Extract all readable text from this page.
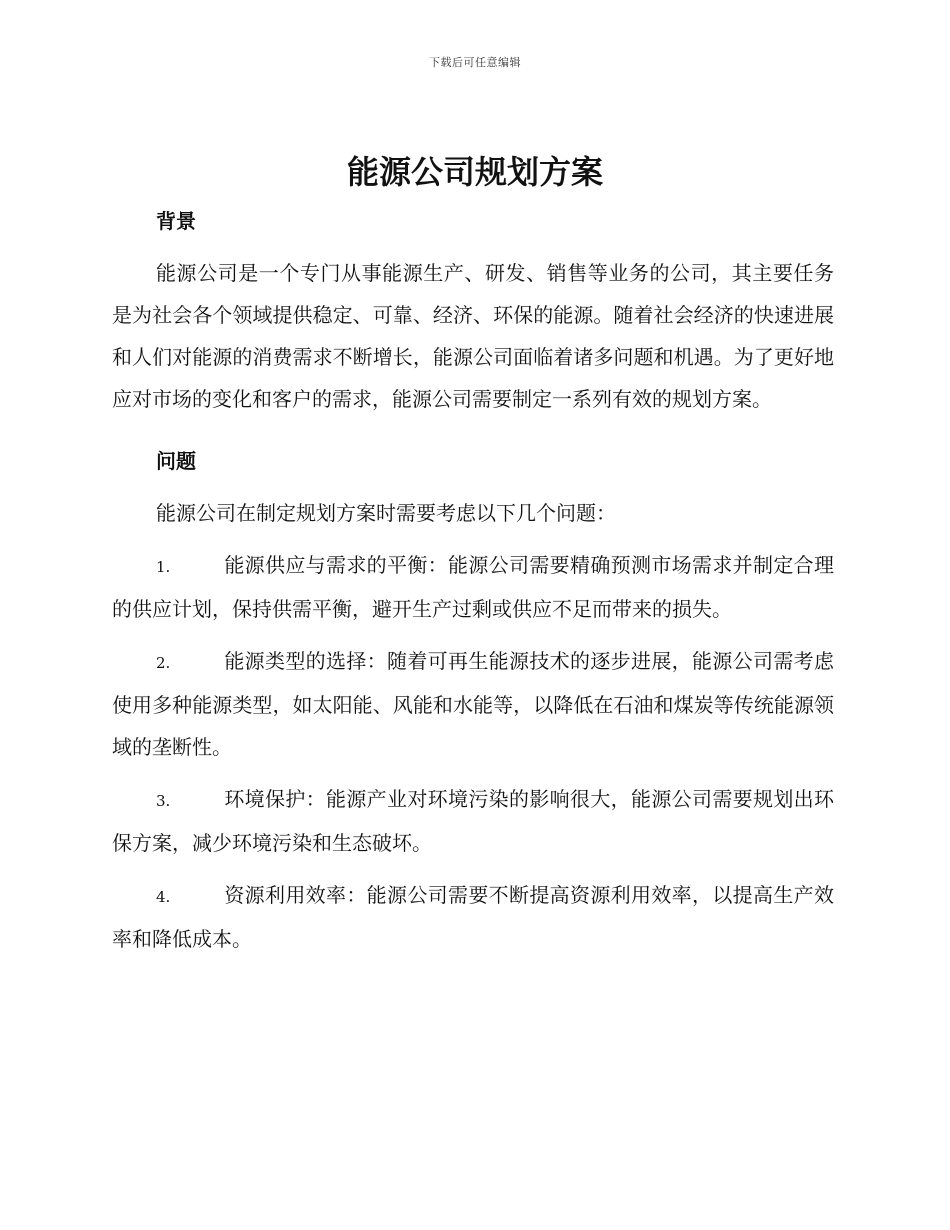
下载后可任意编辑
能源公司规划方案
背景

能源公司是一个专门从事能源生产、研发、销售等业务的公司，其主要任务是为社会各个领域提供稳定、可靠、经济、环保的能源。随着社会经济的快速进展和人们对能源的消费需求不断增长，能源公司面临着诸多问题和机遇。为了更好地应对市场的变化和客户的需求，能源公司需要制定一系列有效的规划方案。

问题

能源公司在制定规划方案时需要考虑以下几个问题：

1.	能源供应与需求的平衡：能源公司需要精确预测市场需求并制定合理的供应计划，保持供需平衡，避开生产过剩或供应不足而带来的损失。

2.	能源类型的选择：随着可再生能源技术的逐步进展，能源公司需考虑使用多种能源类型，如太阳能、风能和水能等，以降低在石油和煤炭等传统能源领域的垄断性。

3.	环境保护：能源产业对环境污染的影响很大，能源公司需要规划出环保方案，减少环境污染和生态破坏。

4.	资源利用效率：能源公司需要不断提高资源利用效率，以提高生产效率和降低成本。
